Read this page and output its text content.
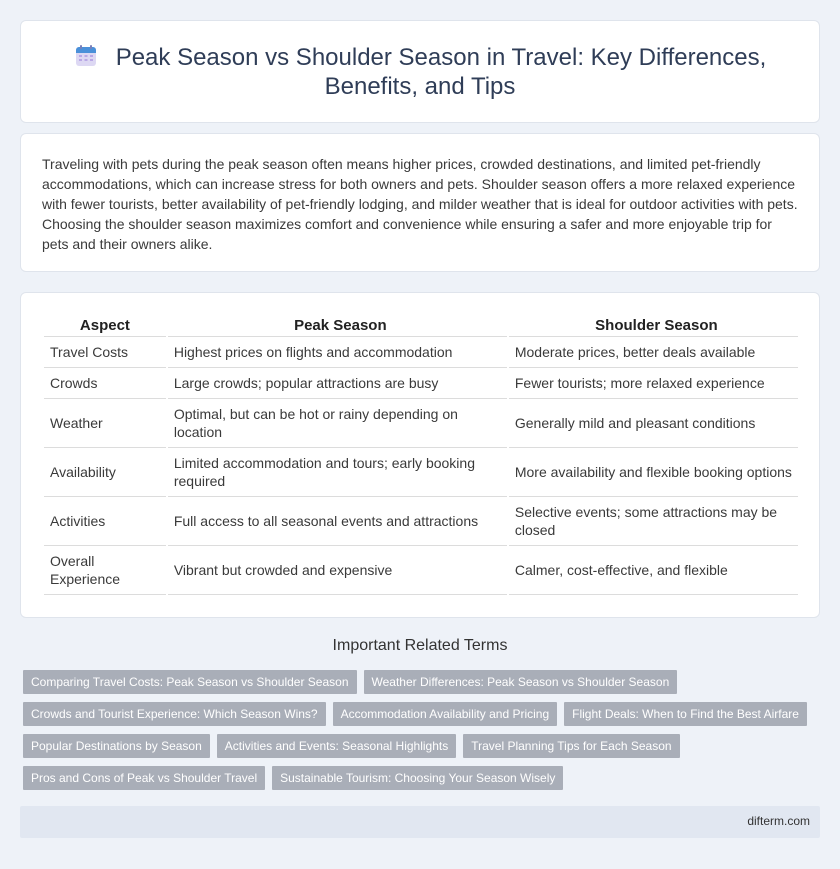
Peak Season vs Shoulder Season in Travel: Key Differences,
Benefits, and Tips

Traveling with pets during the peak season often means higher prices, crowded destinations, and limited pet-friendly accommodations, which can increase stress for both owners and pets. Shoulder season offers a more relaxed experience with fewer tourists, better availability of pet-friendly lodging, and milder weather that is ideal for outdoor activities with pets. Choosing the shoulder season maximizes comfort and convenience while ensuring a safer and more enjoyable trip for pets and their owners alike.

Aspect	Peak Season	Shoulder Season
Travel Costs	Highest prices on flights and accommodation	Moderate prices, better deals available
Crowds	Large crowds; popular attractions are busy	Fewer tourists; more relaxed experience
Weather	Optimal, but can be hot or rainy depending on location	Generally mild and pleasant conditions
Availability	Limited accommodation and tours; early booking required	More availability and flexible booking options
Activities	Full access to all seasonal events and attractions	Selective events; some attractions may be closed
Overall Experience	Vibrant but crowded and expensive	Calmer, cost-effective, and flexible
Important Related Terms
Comparing Travel Costs: Peak Season vs Shoulder Season	Weather Differences: Peak Season vs Shoulder Season
Crowds and Tourist Experience: Which Season Wins?	Accommodation Availability and Pricing	Flight Deals: When to Find the Best Airfare
Popular Destinations by Season	Activities and Events: Seasonal Highlights	Travel Planning Tips for Each Season
Pros and Cons of Peak vs Shoulder Travel	Sustainable Tourism: Choosing Your Season Wisely
difterm.com
